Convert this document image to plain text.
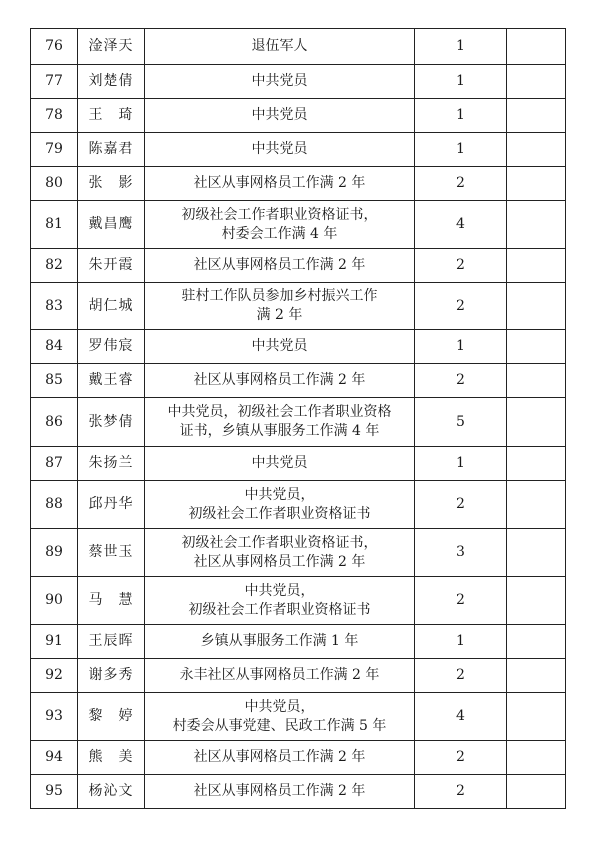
76	淦泽天	退伍军人	1	
77	刘楚倩	中共党员	1	
78	王　琦	中共党员	1	
79	陈嘉君	中共党员	1	
80	张　影	社区从事网格员工作满 2 年	2	
81	戴昌鹰	初级社会工作者职业资格证书，
村委会工作满 4 年	4	
82	朱开霞	社区从事网格员工作满 2 年	2	
83	胡仁城	驻村工作队员参加乡村振兴工作
满 2 年	2	
84	罗伟宸	中共党员	1	
85	戴王睿	社区从事网格员工作满 2 年	2	
86	张梦倩	中共党员，初级社会工作者职业资格
证书，乡镇从事服务工作满 4 年	5	
87	朱扬兰	中共党员	1	
88	邱丹华	中共党员，
初级社会工作者职业资格证书	2	
89	蔡世玉	初级社会工作者职业资格证书，
社区从事网格员工作满 2 年	3	
90	马　慧	中共党员，
初级社会工作者职业资格证书	2	
91	王辰晖	乡镇从事服务工作满 1 年	1	
92	谢多秀	永丰社区从事网格员工作满 2 年	2	
93	黎　婷	中共党员，
村委会从事党建、民政工作满 5 年	4	
94	熊　美	社区从事网格员工作满 2 年	2	
95	杨沁文	社区从事网格员工作满 2 年	2	
